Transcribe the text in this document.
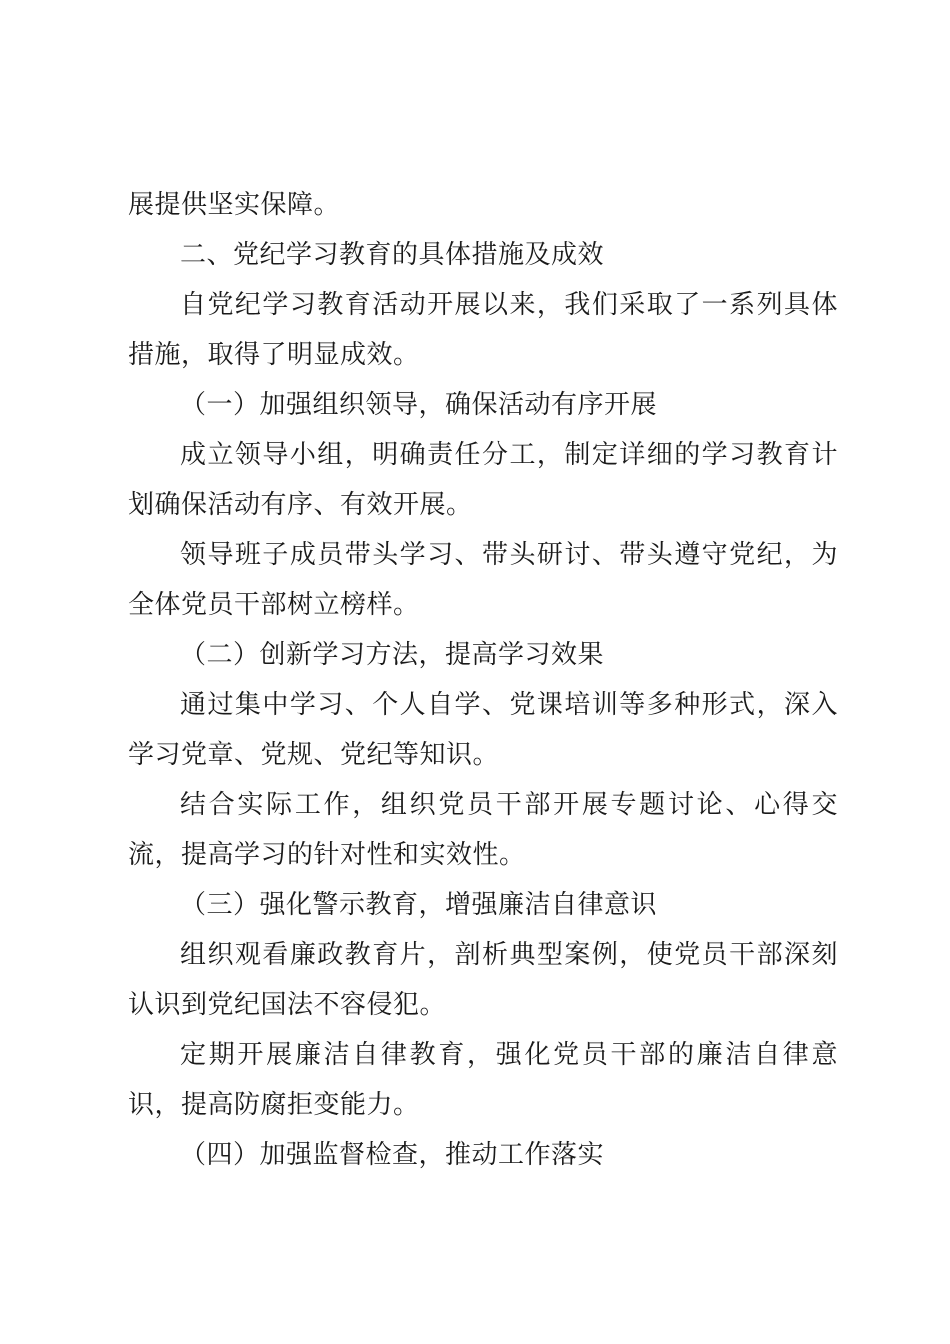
展提供坚实保障。

二、党纪学习教育的具体措施及成效

自党纪学习教育活动开展以来，我们采取了一系列具体措施，取得了明显成效。

（一）加强组织领导，确保活动有序开展

成立领导小组，明确责任分工，制定详细的学习教育计划确保活动有序、有效开展。

领导班子成员带头学习、带头研讨、带头遵守党纪，为全体党员干部树立榜样。

（二）创新学习方法，提高学习效果

通过集中学习、个人自学、党课培训等多种形式，深入学习党章、党规、党纪等知识。

结合实际工作，组织党员干部开展专题讨论、心得交流，提高学习的针对性和实效性。

（三）强化警示教育，增强廉洁自律意识

组织观看廉政教育片，剖析典型案例，使党员干部深刻认识到党纪国法不容侵犯。

定期开展廉洁自律教育，强化党员干部的廉洁自律意识，提高防腐拒变能力。

（四）加强监督检查，推动工作落实
